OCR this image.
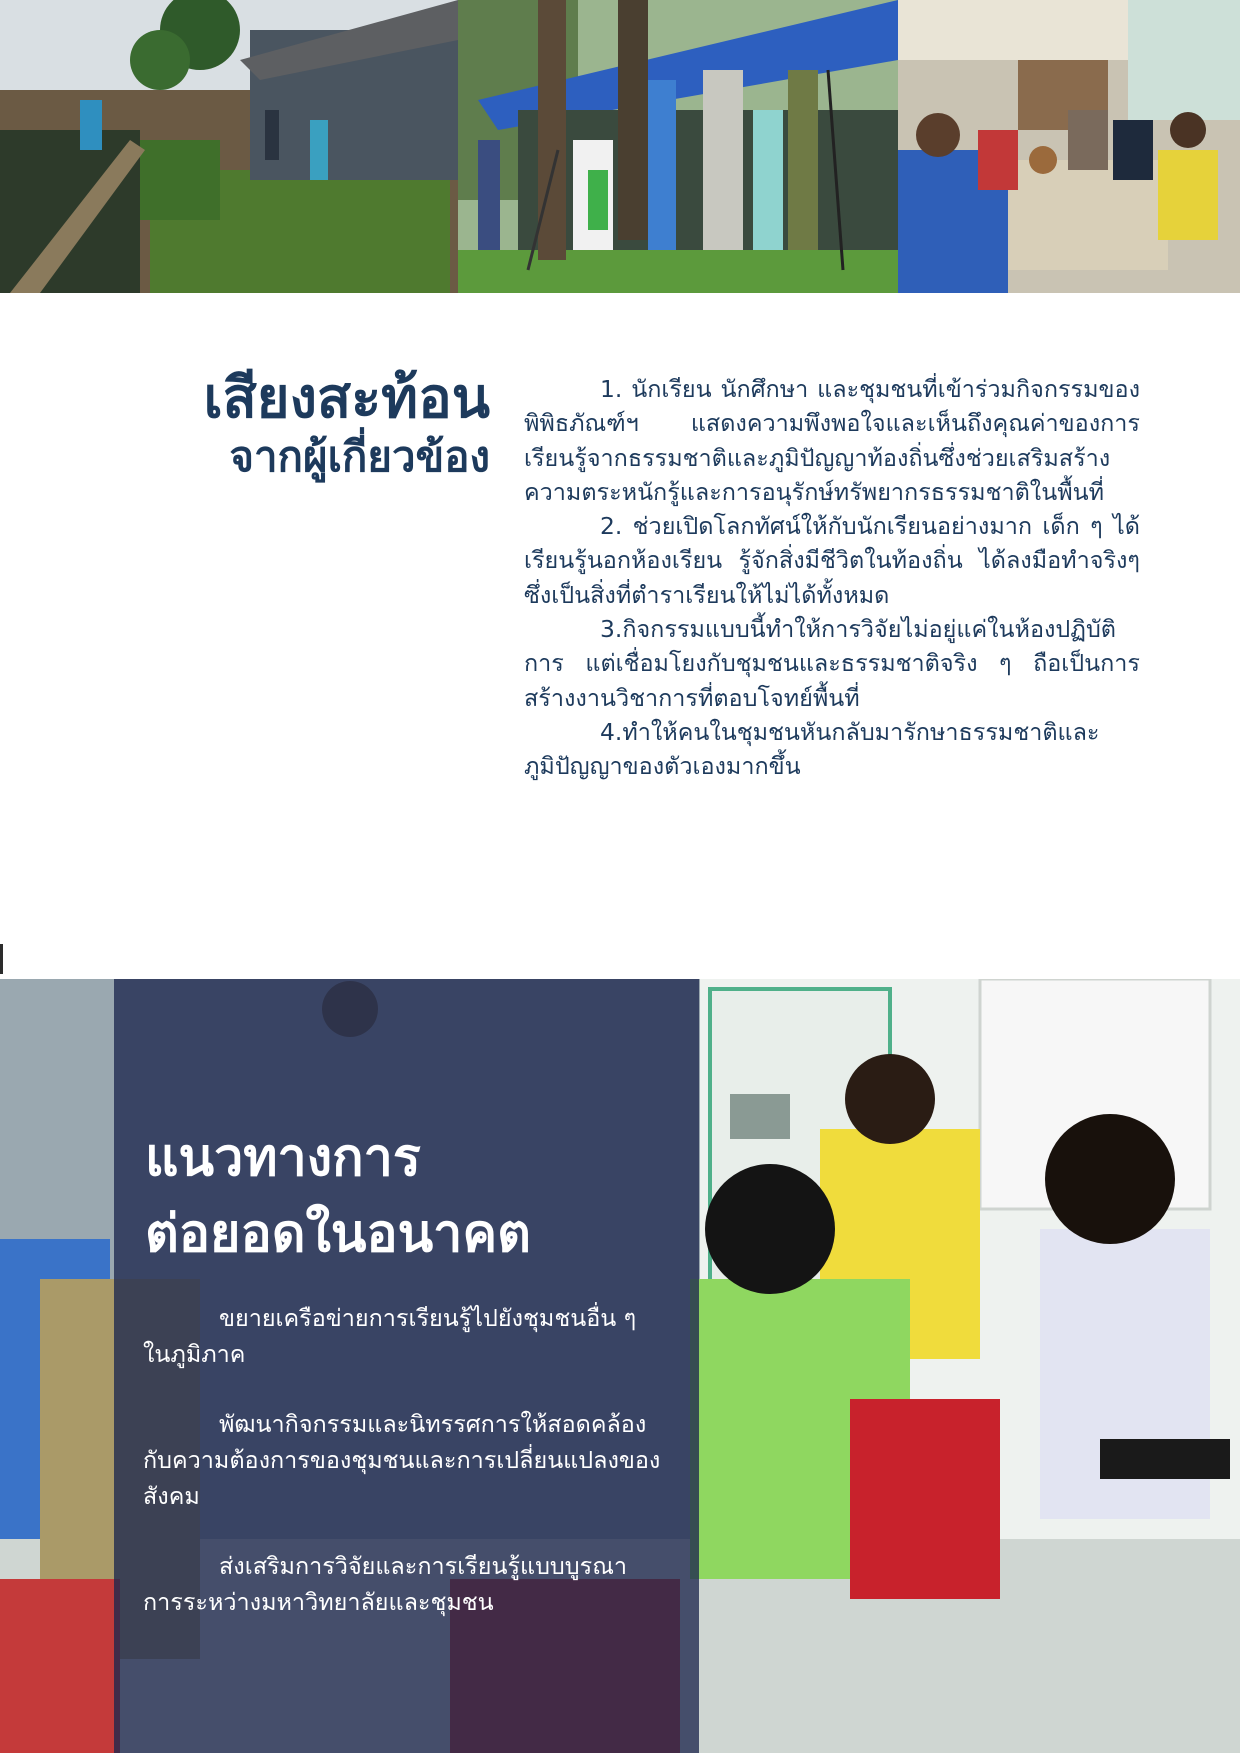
เสียงสะท้อน
จากผู้เกี่ยวข้อง

1. นักเรียน นักศึกษา และชุมชนที่เข้าร่วมกิจกรรมของพิพิธภัณฑ์ฯ แสดงความพึงพอใจและเห็นถึงคุณค่าของการเรียนรู้จากธรรมชาติและภูมิปัญญาท้องถิ่นซึ่งช่วยเสริมสร้างความตระหนักรู้และการอนุรักษ์ทรัพยากรธรรมชาติในพื้นที่

2. ช่วยเปิดโลกทัศน์ให้กับนักเรียนอย่างมาก เด็ก ๆ ได้เรียนรู้นอกห้องเรียน รู้จักสิ่งมีชีวิตในท้องถิ่น ได้ลงมือทำจริงๆ ซึ่งเป็นสิ่งที่ตำราเรียนให้ไม่ได้ทั้งหมด

3.กิจกรรมแบบนี้ทำให้การวิจัยไม่อยู่แค่ในห้องปฏิบัติการ แต่เชื่อมโยงกับชุมชนและธรรมชาติจริง ๆ ถือเป็นการสร้างงานวิชาการที่ตอบโจทย์พื้นที่

4.ทำให้คนในชุมชนหันกลับมารักษาธรรมชาติและภูมิปัญญาของตัวเองมากขึ้น

แนวทางการ
ต่อยอดในอนาคต

ขยายเครือข่ายการเรียนรู้ไปยังชุมชนอื่น ๆ ในภูมิภาค

พัฒนากิจกรรมและนิทรรศการให้สอดคล้องกับความต้องการของชุมชนและการเปลี่ยนแปลงของสังคม

ส่งเสริมการวิจัยและการเรียนรู้แบบบูรณาการระหว่างมหาวิทยาลัยและชุมชน
